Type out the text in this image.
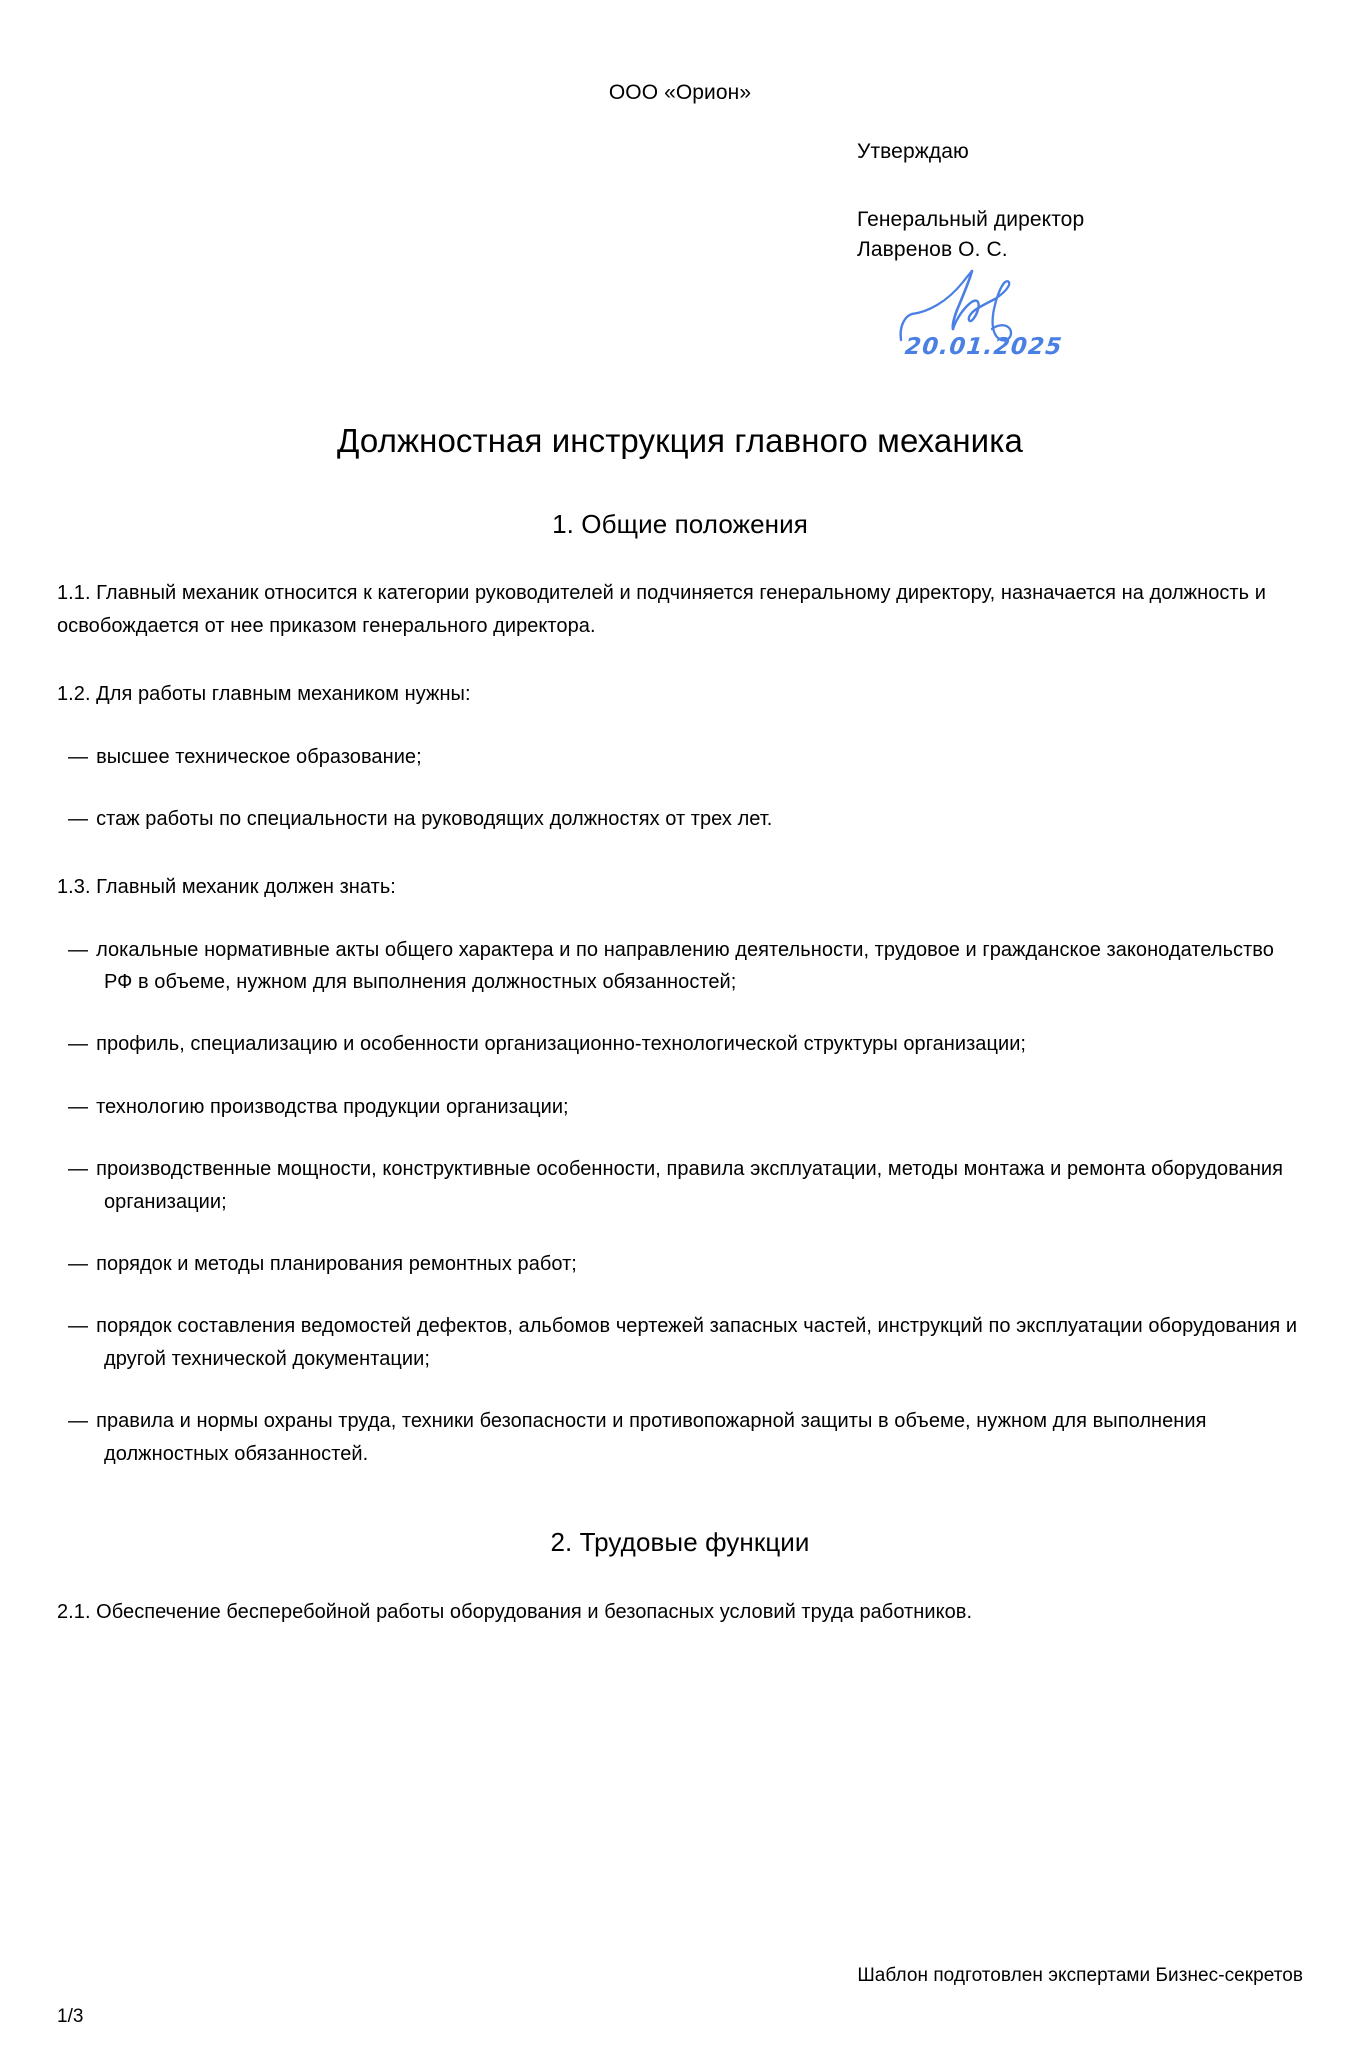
ООО «Орион»
Утверждаю
Генеральный директор
Лавренов О. С.
20.01.2025
Должностная инструкция главного механика
1. Общие положения

1.1. Главный механик относится к категории руководителей и подчиняется генеральному директору, назначается на должность и освобождается от нее приказом генерального директора.

1.2. Для работы главным механиком нужны:

— высшее техническое образование;
— стаж работы по специальности на руководящих должностях от трех лет.

1.3. Главный механик должен знать:

— локальные нормативные акты общего характера и по направлению деятельности, трудовое и гражданское законодательство РФ в объеме, нужном для выполнения должностных обязанностей;
— профиль, специализацию и особенности организационно-технологической структуры организации;
— технологию производства продукции организации;
— производственные мощности, конструктивные особенности, правила эксплуатации, методы монтажа и ремонта оборудования организации;
— порядок и методы планирования ремонтных работ;
— порядок составления ведомостей дефектов, альбомов чертежей запасных частей, инструкций по эксплуатации оборудования и другой технической документации;
— правила и нормы охраны труда, техники безопасности и противопожарной защиты в объеме, нужном для выполнения должностных обязанностей.
2. Трудовые функции

2.1. Обеспечение бесперебойной работы оборудования и безопасных условий труда работников.

Шаблон подготовлен экспертами Бизнес-секретов
1/3
